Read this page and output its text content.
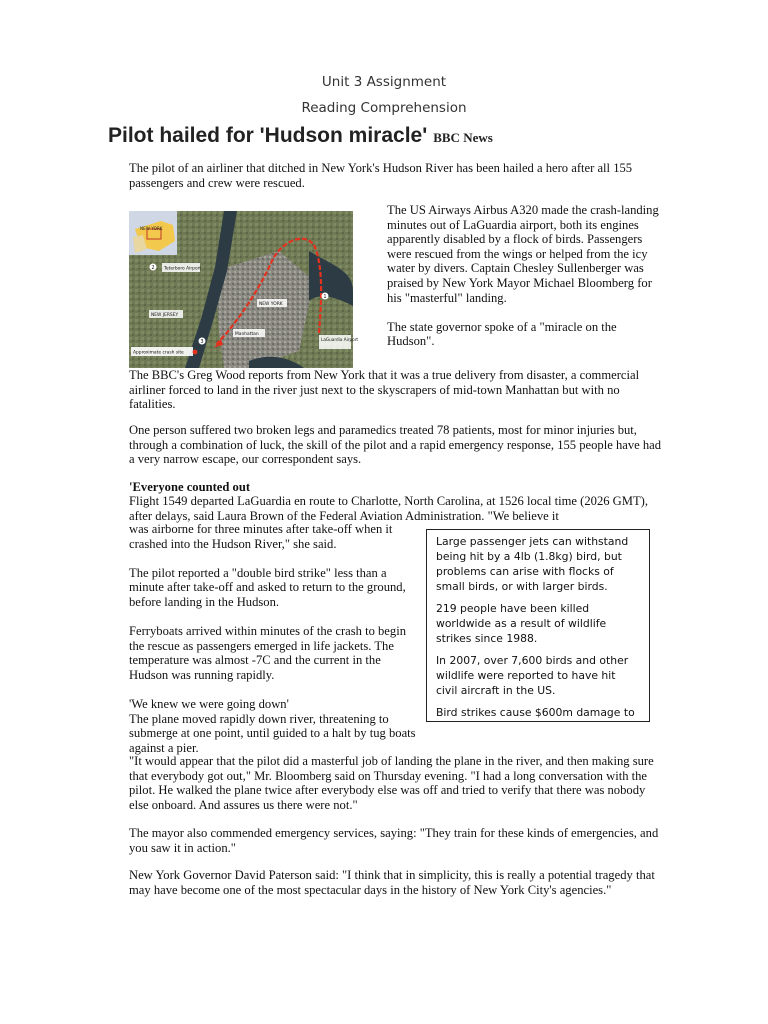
Unit 3 Assignment
Reading Comprehension
Pilot hailed for 'Hudson miracle' BBC News

The pilot of an airliner that ditched in New York's Hudson River has been hailed a hero after all 155 passengers and crew were rescued.

NEW YORK
Teterboro Airport
2
NEW JERSEY
NEW YORK
Manhattan
1
LaGuardia Airport
3
Approximate crash site

The US Airways Airbus A320 made the crash-landing minutes out of LaGuardia airport, both its engines apparently disabled by a flock of birds. Passengers were rescued from the wings or helped from the icy water by divers. Captain Chesley Sullenberger was praised by New York Mayor Michael Bloomberg for his "masterful" landing.

The state governor spoke of a "miracle on the Hudson".

The BBC's Greg Wood reports from New York that it was a true delivery from disaster, a commercial airliner forced to land in the river just next to the skyscrapers of mid-town Manhattan but with no fatalities.

One person suffered two broken legs and paramedics treated 78 patients, most for minor injuries but, through a combination of luck, the skill of the pilot and a rapid emergency response, 155 people have had a very narrow escape, our correspondent says.

'Everyone counted out

Flight 1549 departed LaGuardia en route to Charlotte, North Carolina, at 1526 local time (2026 GMT), after delays, said Laura Brown of the Federal Aviation Administration. "We believe it

was airborne for three minutes after take-off when it crashed into the Hudson River," she said.

The pilot reported a "double bird strike" less than a minute after take-off and asked to return to the ground, before landing in the Hudson.

Ferryboats arrived within minutes of the crash to begin the rescue as passengers emerged in life jackets. The temperature was almost -7C and the current in the Hudson was running rapidly.

'We knew we were going down'

The plane moved rapidly down river, threatening to submerge at one point, until guided to a halt by tug boats against a pier.

Large passenger jets can withstand being hit by a 4lb (1.8kg) bird, but problems can arise with flocks of small birds, or with larger birds.

219 people have been killed worldwide as a result of wildlife strikes since 1988.

In 2007, over 7,600 birds and other wildlife were reported to have hit civil aircraft in the US.

Bird strikes cause $600m damage to

"It would appear that the pilot did a masterful job of landing the plane in the river, and then making sure that everybody got out," Mr. Bloomberg said on Thursday evening. "I had a long conversation with the pilot. He walked the plane twice after everybody else was off and tried to verify that there was nobody else onboard. And assures us there were not."

The mayor also commended emergency services, saying: "They train for these kinds of emergencies, and you saw it in action."

New York Governor David Paterson said: "I think that in simplicity, this is really a potential tragedy that may have become one of the most spectacular days in the history of New York City's agencies."
